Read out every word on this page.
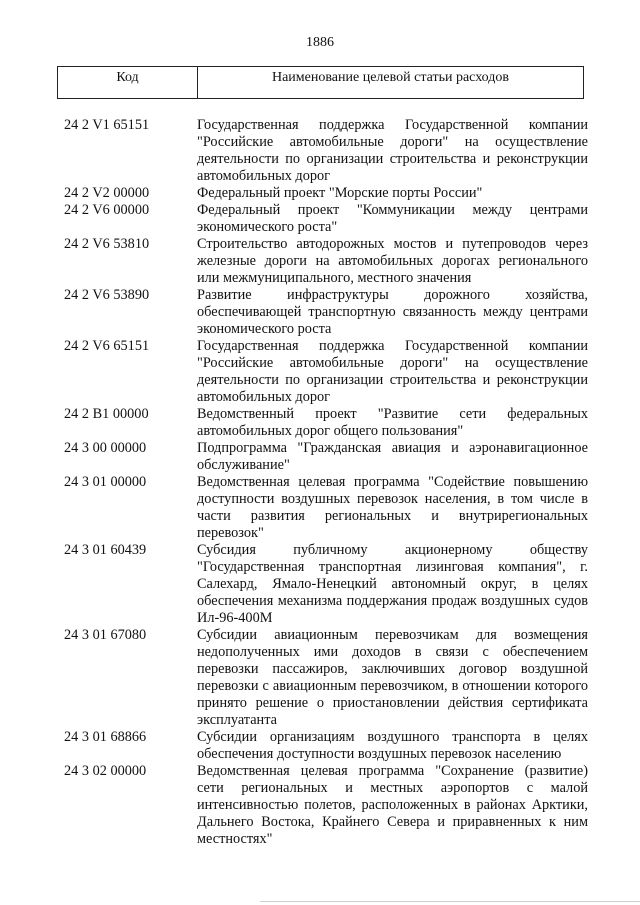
1886
Код	Наименование целевой статьи расходов
24 2 V1 65151	Государственная поддержка Государственной компании "Российские автомобильные дороги" на осуществление деятельности по организации строительства и реконструкции автомобильных дорог
24 2 V2 00000	Федеральный проект "Морские порты России"
24 2 V6 00000	Федеральный проект "Коммуникации между центрами экономического роста"
24 2 V6 53810	Строительство автодорожных мостов и путепроводов через железные дороги на автомобильных дорогах регионального или межмуниципального, местного значения
24 2 V6 53890	Развитие инфраструктуры дорожного хозяйства, обеспечивающей транспортную связанность между центрами экономического роста
24 2 V6 65151	Государственная поддержка Государственной компании "Российские автомобильные дороги" на осуществление деятельности по организации строительства и реконструкции автомобильных дорог
24 2 В1 00000	Ведомственный проект "Развитие сети федеральных автомобильных дорог общего пользования"
24 3 00 00000	Подпрограмма "Гражданская авиация и аэронавигационное обслуживание"
24 3 01 00000	Ведомственная целевая программа "Содействие повышению доступности воздушных перевозок населения, в том числе в части развития региональных и внутрирегиональных перевозок"
24 3 01 60439	Субсидия публичному акционерному обществу "Государственная транспортная лизинговая компания", г. Салехард, Ямало-Ненецкий автономный округ, в целях обеспечения механизма поддержания продаж воздушных судов Ил-96-400М
24 3 01 67080	Субсидии авиационным перевозчикам для возмещения недополученных ими доходов в связи с обеспечением перевозки пассажиров, заключивших договор воздушной перевозки с авиационным перевозчиком, в отношении которого принято решение о приостановлении действия сертификата эксплуатанта
24 3 01 68866	Субсидии организациям воздушного транспорта в целях обеспечения доступности воздушных перевозок населению
24 3 02 00000	Ведомственная целевая программа "Сохранение (развитие) сети региональных и местных аэропортов с малой интенсивностью полетов, расположенных в районах Арктики, Дальнего Востока, Крайнего Севера и приравненных к ним местностях"
